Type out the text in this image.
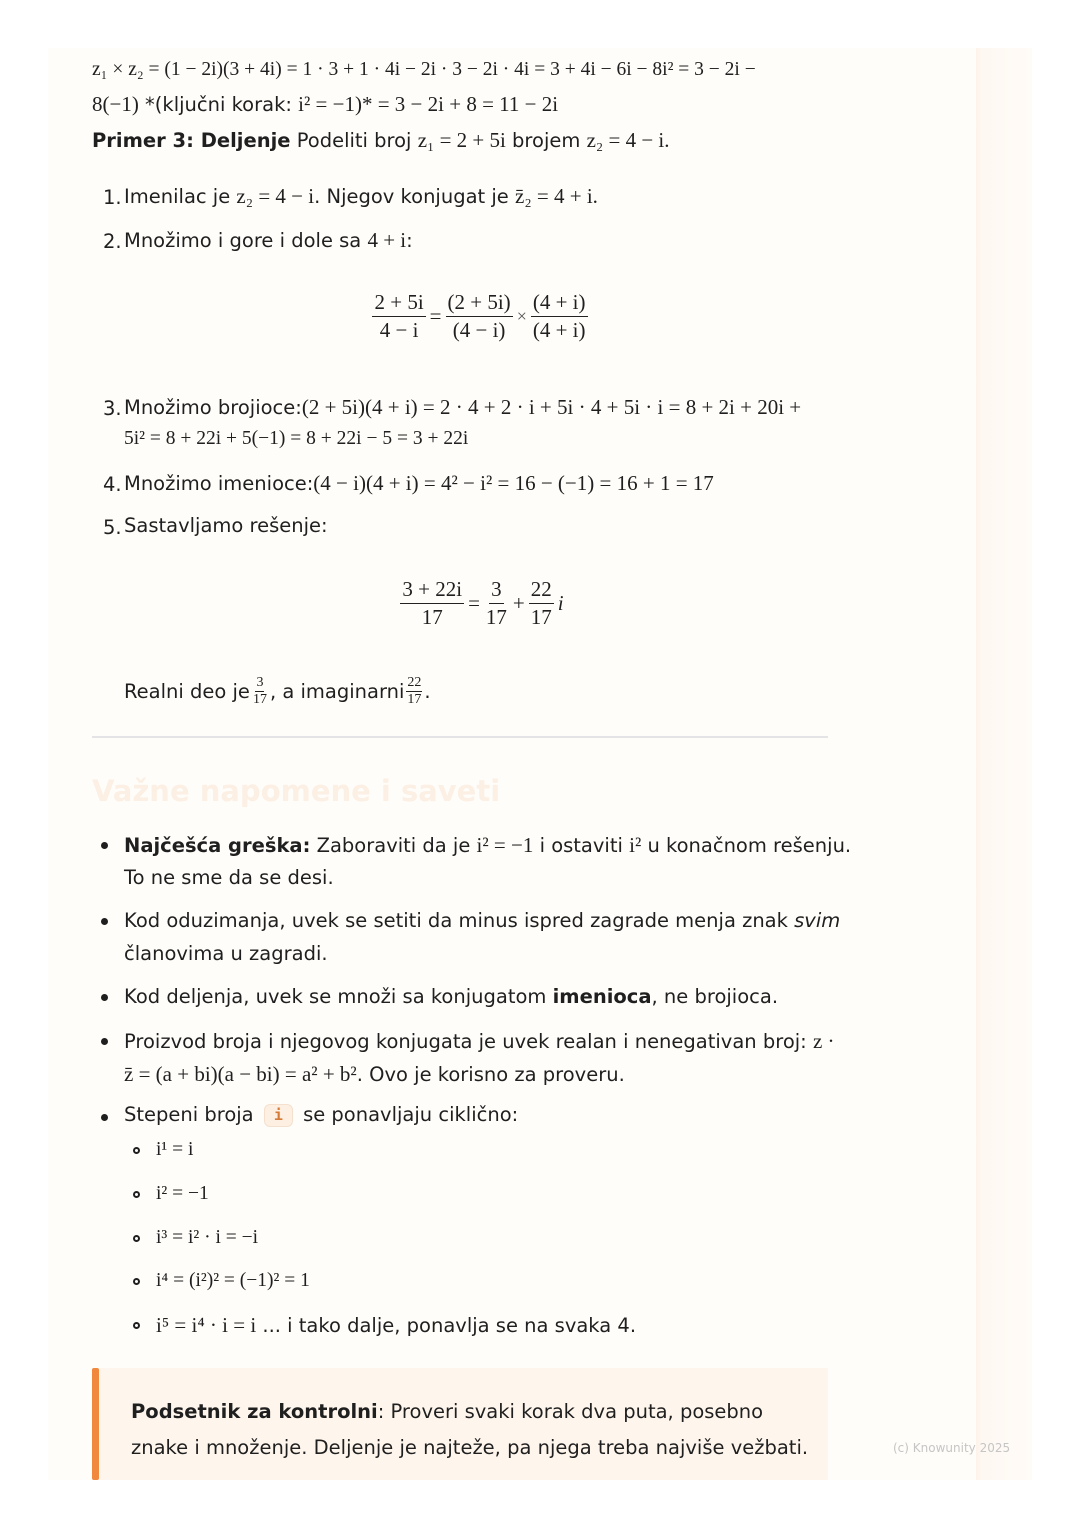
z₁ × z₂ = (1 − 2i)(3 + 4i) = 1 · 3 + 1 · 4i − 2i · 3 − 2i · 4i = 3 + 4i − 6i − 8i² = 3 − 2i −
8(−1) *(ključni korak: i² = −1)* = 3 − 2i + 8 = 11 − 2i
Primer 3: Deljenje Podeliti broj z₁ = 2 + 5i brojem z₂ = 4 − i.
1. Imenilac je z₂ = 4 − i. Njegov konjugat je z̄₂ = 4 + i.
2. Množimo i gore i dole sa 4 + i:
$\frac{2 + 5i}{4 - i} = \frac{(2 + 5i)}{(4 - i)} \times \frac{(4 + i)}{(4 + i)}$
3. Množimo brojioce:(2 + 5i)(4 + i) = 2 · 4 + 2 · i + 5i · 4 + 5i · i = 8 + 2i + 20i +
5i² = 8 + 22i + 5(−1) = 8 + 22i − 5 = 3 + 22i
4. Množimo imenioce:(4 − i)(4 + i) = 4² − i² = 16 − (−1) = 16 + 1 = 17
5. Sastavljamo rešenje:
$\frac{3 + 22i}{17} = \frac{3}{17} + \frac{22}{17}$ i
Realni deo je $\frac{3}{17}$ , a imaginarni $\frac{22}{17}$ .
Važne napomene i saveti
Najčešća greška: Zaboraviti da je i² = −1 i ostaviti i² u konačnom rešenju.
To ne sme da se desi.
Kod oduzimanja, uvek se setiti da minus ispred zagrade menja znak svim
članovima u zagradi.
Kod deljenja, uvek se množi sa konjugatom imenioca, ne brojioca.
Proizvod broja i njegovog konjugata je uvek realan i nenegativan broj: z ·
z̄ = (a + bi)(a − bi) = a² + b². Ovo je korisno za proveru.
Stepeni broja i se ponavljaju ciklično:
i¹ = i
i² = −1
i³ = i² · i = −i
i⁴ = (i²)² = (−1)² = 1
i⁵ = i⁴ · i = i ... i tako dalje, ponavlja se na svaka 4.
Podsetnik za kontrolni: Proveri svaki korak dva puta, posebno znake i množenje. Deljenje je najteže, pa njega treba najviše vežbati.	(c) Knowunity 2025
